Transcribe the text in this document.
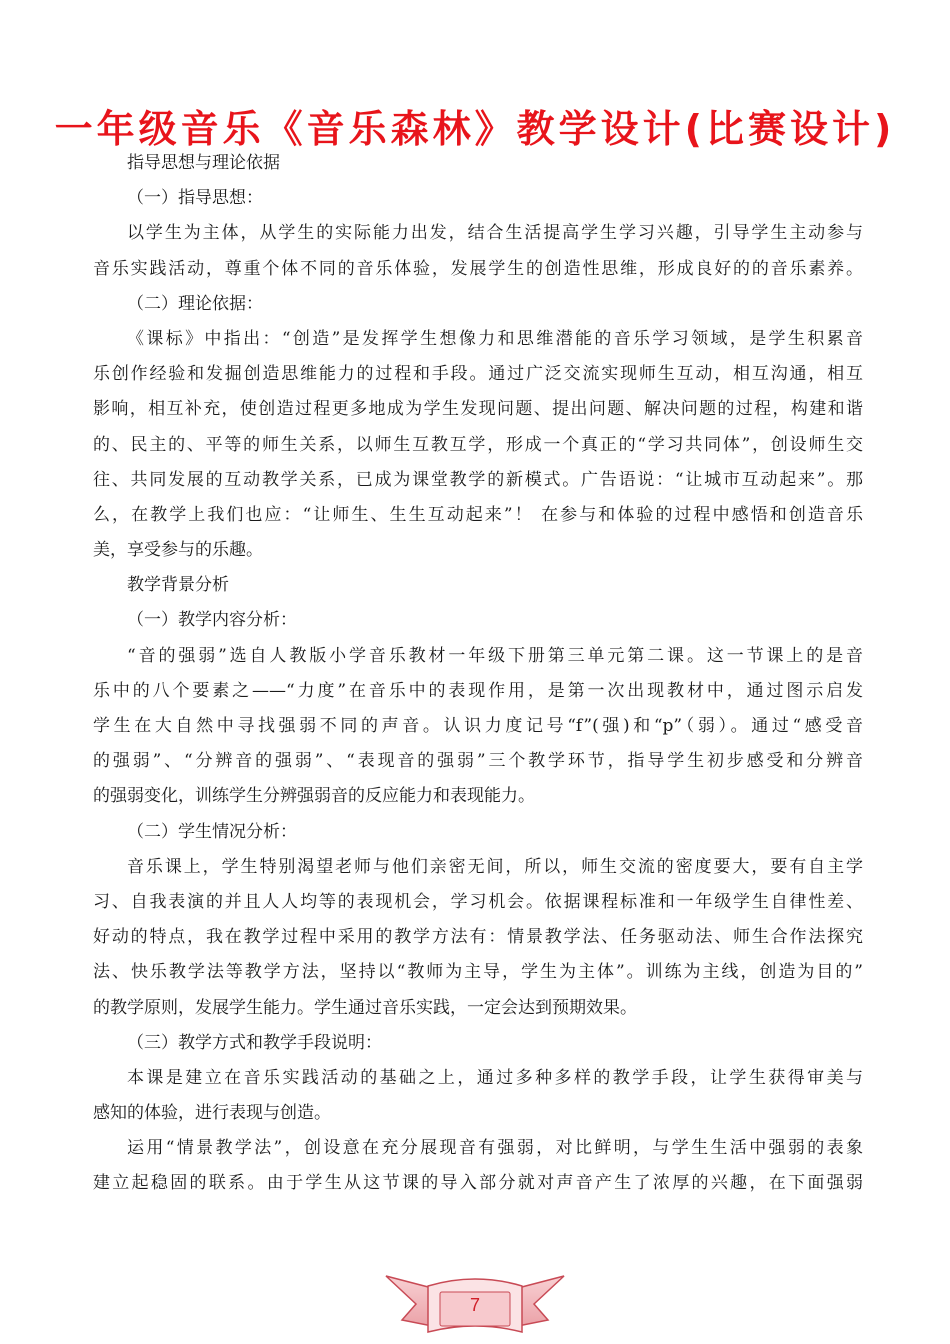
一年级音乐《音乐森林》教学设计(比赛设计)
指导思想与理论依据
（一）指导思想：
以学生为主体，从学生的实际能力出发，结合生活提高学生学习兴趣，引导学生主动参与
音乐实践活动，尊重个体不同的音乐体验，发展学生的创造性思维，形成良好的的音乐素养。
（二）理论依据：
《课标》中指出：“创造”是发挥学生想像力和思维潜能的音乐学习领域，是学生积累音
乐创作经验和发掘创造思维能力的过程和手段。通过广泛交流实现师生互动，相互沟通，相互
影响，相互补充，使创造过程更多地成为学生发现问题、提出问题、解决问题的过程，构建和谐
的、民主的、平等的师生关系，以师生互教互学，形成一个真正的“学习共同体”，创设师生交
往、共同发展的互动教学关系，已成为课堂教学的新模式。广告语说：“让城市互动起来”。那
么，在教学上我们也应：“让师生、生生互动起来”！ 在参与和体验的过程中感悟和创造音乐
美，享受参与的乐趣。
教学背景分析
（一）教学内容分析：
“音的强弱”选自人教版小学音乐教材一年级下册第三单元第二课。这一节课上的是音
乐中的八个要素之——“力度”在音乐中的表现作用，是第一次出现教材中，通过图示启发
学生在大自然中寻找强弱不同的声音。认识力度记号“f”(强)和“p”（弱）。通过“感受音
的强弱”、“分辨音的强弱”、“表现音的强弱”三个教学环节，指导学生初步感受和分辨音
的强弱变化，训练学生分辨强弱音的反应能力和表现能力。
（二）学生情况分析：
音乐课上，学生特别渴望老师与他们亲密无间，所以，师生交流的密度要大，要有自主学
习、自我表演的并且人人均等的表现机会，学习机会。依据课程标准和一年级学生自律性差、
好动的特点，我在教学过程中采用的教学方法有：情景教学法、任务驱动法、师生合作法探究
法、快乐教学法等教学方法，坚持以“教师为主导，学生为主体”。训练为主线，创造为目的”
的教学原则，发展学生能力。学生通过音乐实践，一定会达到预期效果。
（三）教学方式和教学手段说明：
本课是建立在音乐实践活动的基础之上，通过多种多样的教学手段，让学生获得审美与
感知的体验，进行表现与创造。
运用“情景教学法”，创设意在充分展现音有强弱，对比鲜明，与学生生活中强弱的表象
建立起稳固的联系。由于学生从这节课的导入部分就对声音产生了浓厚的兴趣，在下面强弱
7
